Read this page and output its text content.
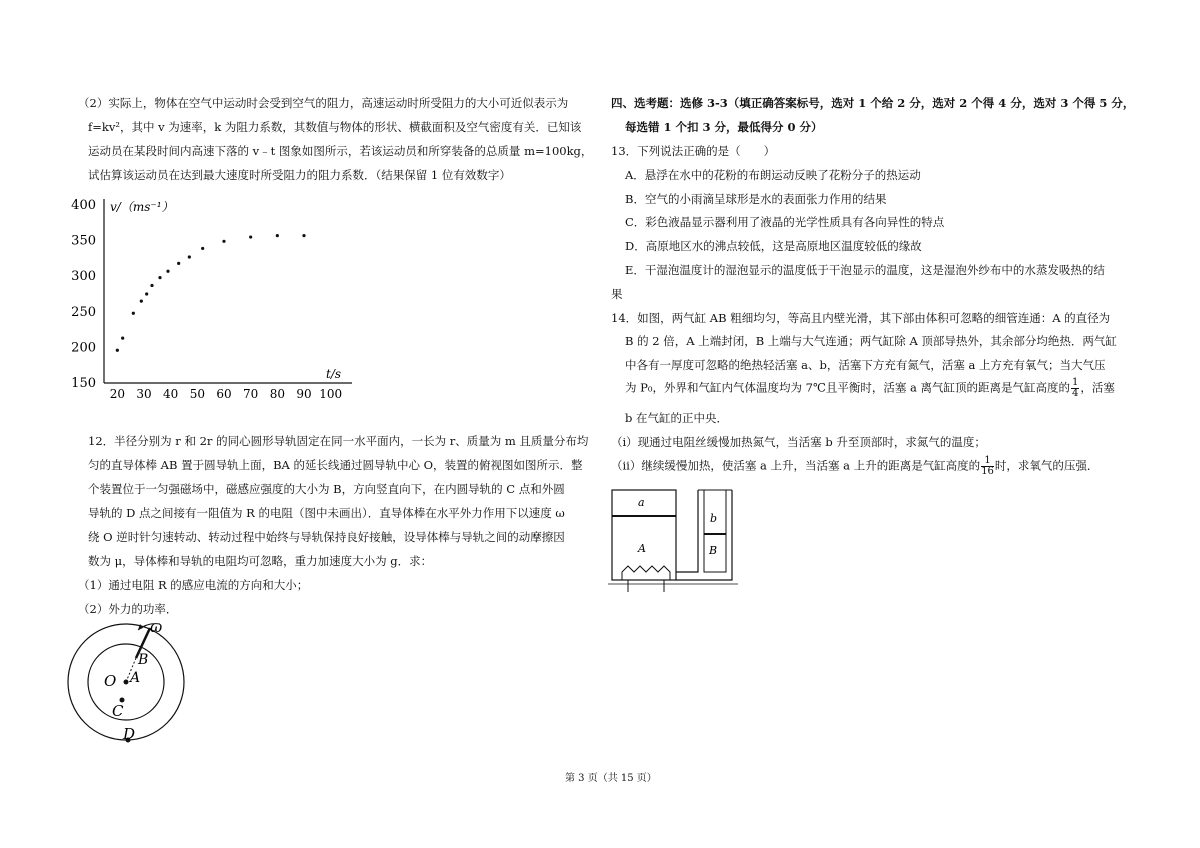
（2）实际上，物体在空气中运动时会受到空气的阻力，高速运动时所受阻力的大小可近似表示为
f=kv²，其中 v 为速率，k 为阻力系数，其数值与物体的形状、横截面积及空气密度有关．已知该
运动员在某段时间内高速下落的 v﹣t 图象如图所示，若该运动员和所穿装备的总质量 m=100kg，
试估算该运动员在达到最大速度时所受阻力的阻力系数．（结果保留 1 位有效数字）
20 30 40 50 60 70 80 90 100
400
350
300
250
200
150
v/（ms⁻¹）
t/s
12．半径分别为 r 和 2r 的同心圆形导轨固定在同一水平面内，一长为 r、质量为 m 且质量分布均
匀的直导体棒 AB 置于圆导轨上面，BA 的延长线通过圆导轨中心 O，装置的俯视图如图所示．整
个装置位于一匀强磁场中，磁感应强度的大小为 B，方向竖直向下，在内圆导轨的 C 点和外圆
导轨的 D 点之间接有一阻值为 R 的电阻（图中未画出）．直导体棒在水平外力作用下以速度 ω
绕 O 逆时针匀速转动、转动过程中始终与导轨保持良好接触，设导体棒与导轨之间的动摩擦因
数为 μ，导体棒和导轨的电阻均可忽略，重力加速度大小为 g．求：
（1）通过电阻 R 的感应电流的方向和大小；
（2）外力的功率．
ω
B
A
O
C
D
四、选考题：选修 3-3（填正确答案标号，选对 1 个给 2 分，选对 2 个得 4 分，选对 3 个得 5 分，
每选错 1 个扣 3 分，最低得分 0 分）
13．下列说法正确的是（　　）
A．悬浮在水中的花粉的布朗运动反映了花粉分子的热运动
B．空气的小雨滴呈球形是水的表面张力作用的结果
C．彩色液晶显示器利用了液晶的光学性质具有各向异性的特点
D．高原地区水的沸点较低，这是高原地区温度较低的缘故
E．干湿泡温度计的湿泡显示的温度低于干泡显示的温度，这是湿泡外纱布中的水蒸发吸热的结
果
14．如图，两气缸 AB 粗细均匀，等高且内壁光滑，其下部由体积可忽略的细管连通：A 的直径为
B 的 2 倍，A 上端封闭，B 上端与大气连通；两气缸除 A 顶部导热外，其余部分均绝热．两气缸
中各有一厚度可忽略的绝热轻活塞 a、b，活塞下方充有氮气，活塞 a 上方充有氧气；当大气压
为 P₀，外界和气缸内气体温度均为 7℃且平衡时，活塞 a 离气缸顶的距离是气缸高度的 $\frac{1}{4}$ ，活塞
b 在气缸的正中央．
（ⅰ）现通过电阻丝缓慢加热氮气，当活塞 b 升至顶部时，求氮气的温度；
（ⅱ）继续缓慢加热，使活塞 a 上升，当活塞 a 上升的距离是气缸高度的 $\frac{1}{16}$ 时，求氧气的压强．
a
A
b
B
第 3 页（共 15 页）
